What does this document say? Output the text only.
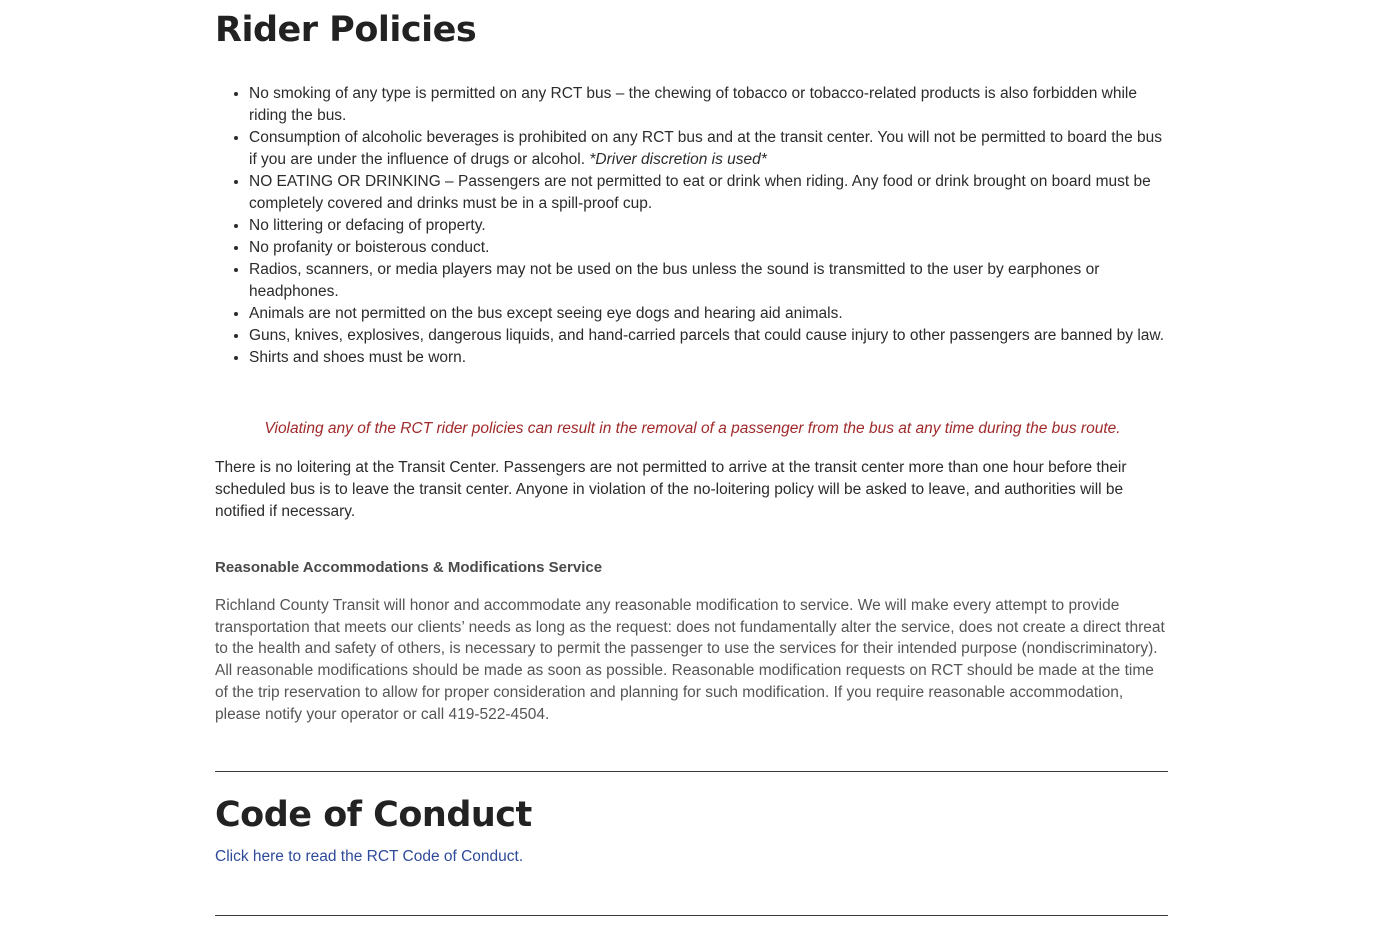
Rider Policies
• No smoking of any type is permitted on any RCT bus – the chewing of tobacco or tobacco-related products is also forbidden while riding the bus.
• Consumption of alcoholic beverages is prohibited on any RCT bus and at the transit center. You will not be permitted to board the bus if you are under the influence of drugs or alcohol. *Driver discretion is used*
• NO EATING OR DRINKING – Passengers are not permitted to eat or drink when riding. Any food or drink brought on board must be completely covered and drinks must be in a spill-proof cup.
• No littering or defacing of property.
• No profanity or boisterous conduct.
• Radios, scanners, or media players may not be used on the bus unless the sound is transmitted to the user by earphones or headphones.
• Animals are not permitted on the bus except seeing eye dogs and hearing aid animals.
• Guns, knives, explosives, dangerous liquids, and hand-carried parcels that could cause injury to other passengers are banned by law.
• Shirts and shoes must be worn.

Violating any of the RCT rider policies can result in the removal of a passenger from the bus at any time during the bus route.

There is no loitering at the Transit Center. Passengers are not permitted to arrive at the transit center more than one hour before their scheduled bus is to leave the transit center. Anyone in violation of the no-loitering policy will be asked to leave, and authorities will be notified if necessary.

Reasonable Accommodations & Modifications Service

Richland County Transit will honor and accommodate any reasonable modification to service. We will make every attempt to provide transportation that meets our clients’ needs as long as the request: does not fundamentally alter the service, does not create a direct threat to the health and safety of others, is necessary to permit the passenger to use the services for their intended purpose (nondiscriminatory). All reasonable modifications should be made as soon as possible. Reasonable modification requests on RCT should be made at the time of the trip reservation to allow for proper consideration and planning for such modification. If you require reasonable accommodation, please notify your operator or call 419-522-4504.

Code of Conduct
Click here to read the RCT Code of Conduct.
